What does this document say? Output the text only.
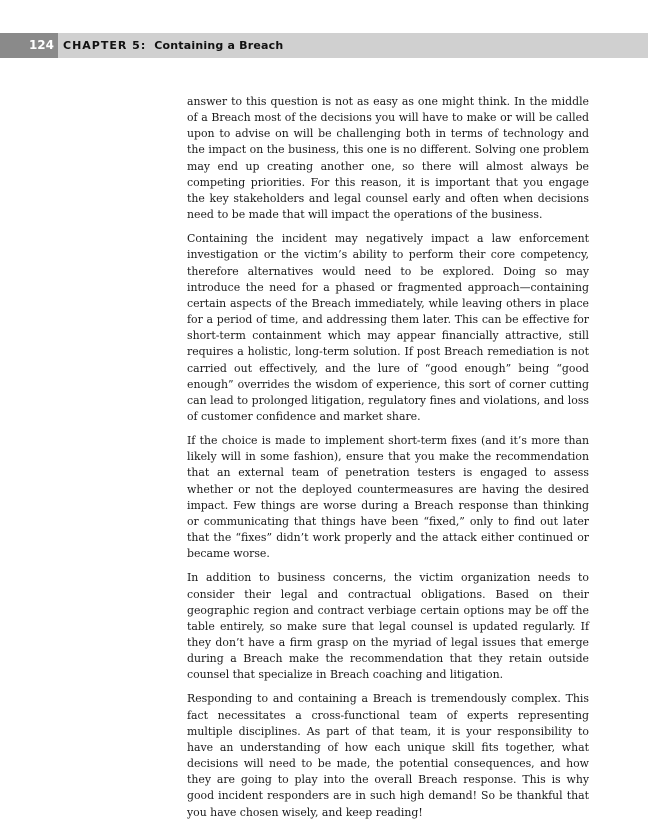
124 CHAPTER 5: Containing a Breach

answer to this question is not as easy as one might think. In the middle of a Breach most of the decisions you will have to make or will be called upon to advise on will be challenging both in terms of technology and the impact on the business, this one is no different. Solving one problem may end up creating another one, so there will almost always be competing priorities. For this reason, it is important that you engage the key stakeholders and legal counsel early and often when decisions need to be made that will impact the operations of the business.

Containing the incident may negatively impact a law enforcement investigation or the victim’s ability to perform their core competency, therefore alternatives would need to be explored. Doing so may introduce the need for a phased or fragmented approach—containing certain aspects of the Breach immediately, while leaving others in place for a period of time, and addressing them later. This can be effective for short-term containment which may appear financially attractive, still requires a holistic, long-term solution. If post Breach remediation is not carried out effectively, and the lure of “good enough” being “good enough” overrides the wisdom of experience, this sort of corner cutting can lead to prolonged litigation, regulatory fines and violations, and loss of customer confidence and market share.

If the choice is made to implement short-term fixes (and it’s more than likely will in some fashion), ensure that you make the recommendation that an external team of penetration testers is engaged to assess whether or not the deployed countermeasures are having the desired impact. Few things are worse during a Breach response than thinking or communicating that things have been “fixed,” only to find out later that the “fixes” didn’t work properly and the attack either continued or became worse.

In addition to business concerns, the victim organization needs to consider their legal and contractual obligations. Based on their geographic region and contract verbiage certain options may be off the table entirely, so make sure that legal counsel is updated regularly. If they don’t have a firm grasp on the myriad of legal issues that emerge during a Breach make the recommendation that they retain outside counsel that specialize in Breach coaching and litigation.

Responding to and containing a Breach is tremendously complex. This fact necessitates a cross-functional team of experts representing multiple disciplines. As part of that team, it is your responsibility to have an understanding of how each unique skill fits together, what decisions will need to be made, the potential consequences, and how they are going to play into the overall Breach response. This is why good incident responders are in such high demand! So be thankful that you have chosen wisely, and keep reading!
